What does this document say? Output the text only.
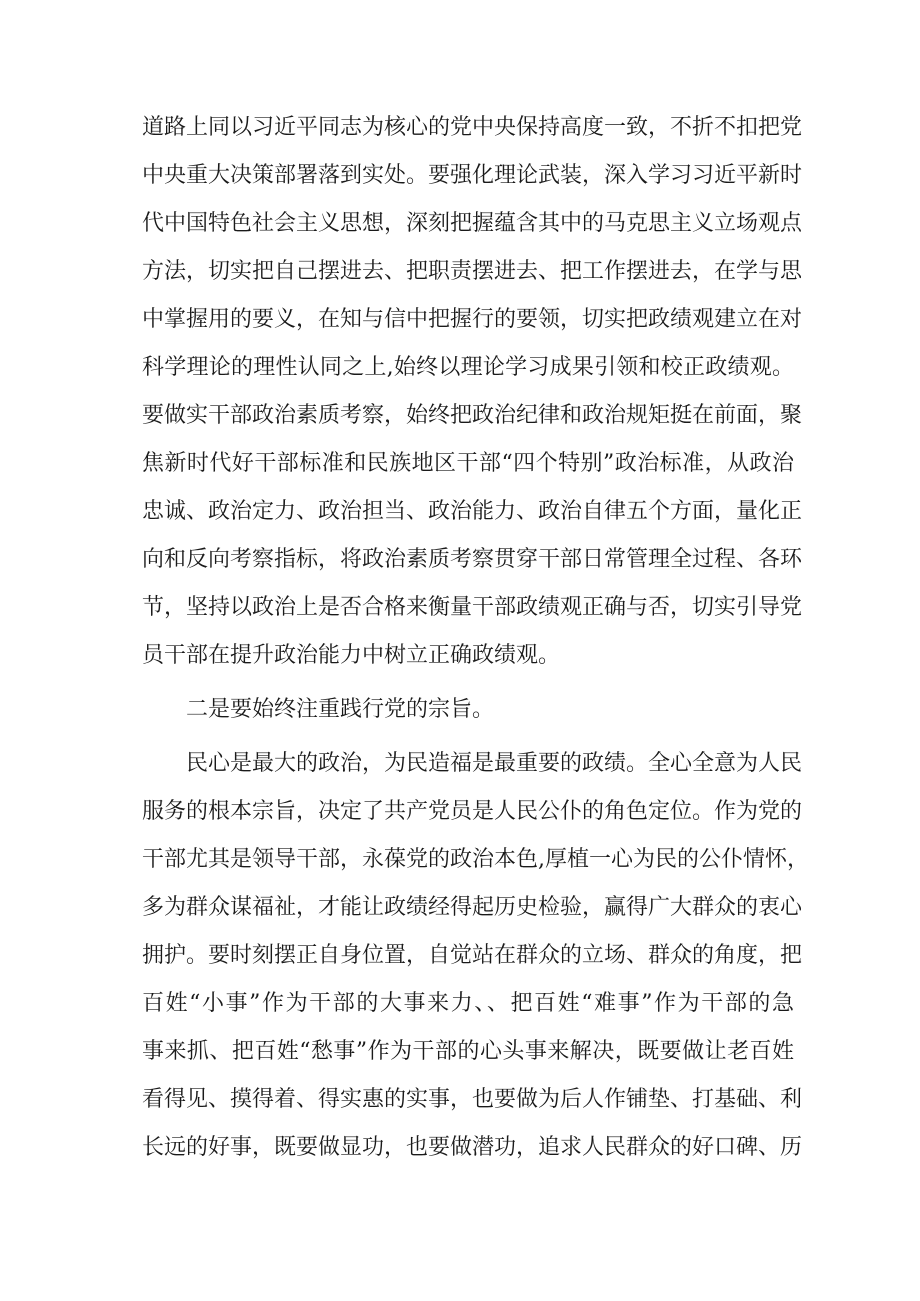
道路上同以习近平同志为核心的党中央保持高度一致，不折不扣把党
中央重大决策部署落到实处。要强化理论武装，深入学习习近平新时
代中国特色社会主义思想，深刻把握蕴含其中的马克思主义立场观点
方法，切实把自己摆进去、把职责摆进去、把工作摆进去，在学与思
中掌握用的要义，在知与信中把握行的要领，切实把政绩观建立在对
科学理论的理性认同之上,始终以理论学习成果引领和校正政绩观。
要做实干部政治素质考察，始终把政治纪律和政治规矩挺在前面，聚
焦新时代好干部标准和民族地区干部“四个特别”政治标准，从政治
忠诚、政治定力、政治担当、政治能力、政治自律五个方面，量化正
向和反向考察指标，将政治素质考察贯穿干部日常管理全过程、各环
节，坚持以政治上是否合格来衡量干部政绩观正确与否，切实引导党
员干部在提升政治能力中树立正确政绩观。
二是要始终注重践行党的宗旨。
民心是最大的政治，为民造福是最重要的政绩。全心全意为人民
服务的根本宗旨，决定了共产党员是人民公仆的角色定位。作为党的
干部尤其是领导干部，永葆党的政治本色,厚植一心为民的公仆情怀，
多为群众谋福祉，才能让政绩经得起历史检验，赢得广大群众的衷心
拥护。要时刻摆正自身位置，自觉站在群众的立场、群众的角度，把
百姓“小事”作为干部的大事来力、、把百姓“难事”作为干部的急
事来抓、把百姓“愁事”作为干部的心头事来解决，既要做让老百姓
看得见、摸得着、得实惠的实事，也要做为后人作铺垫、打基础、利
长远的好事，既要做显功，也要做潜功，追求人民群众的好口碑、历
